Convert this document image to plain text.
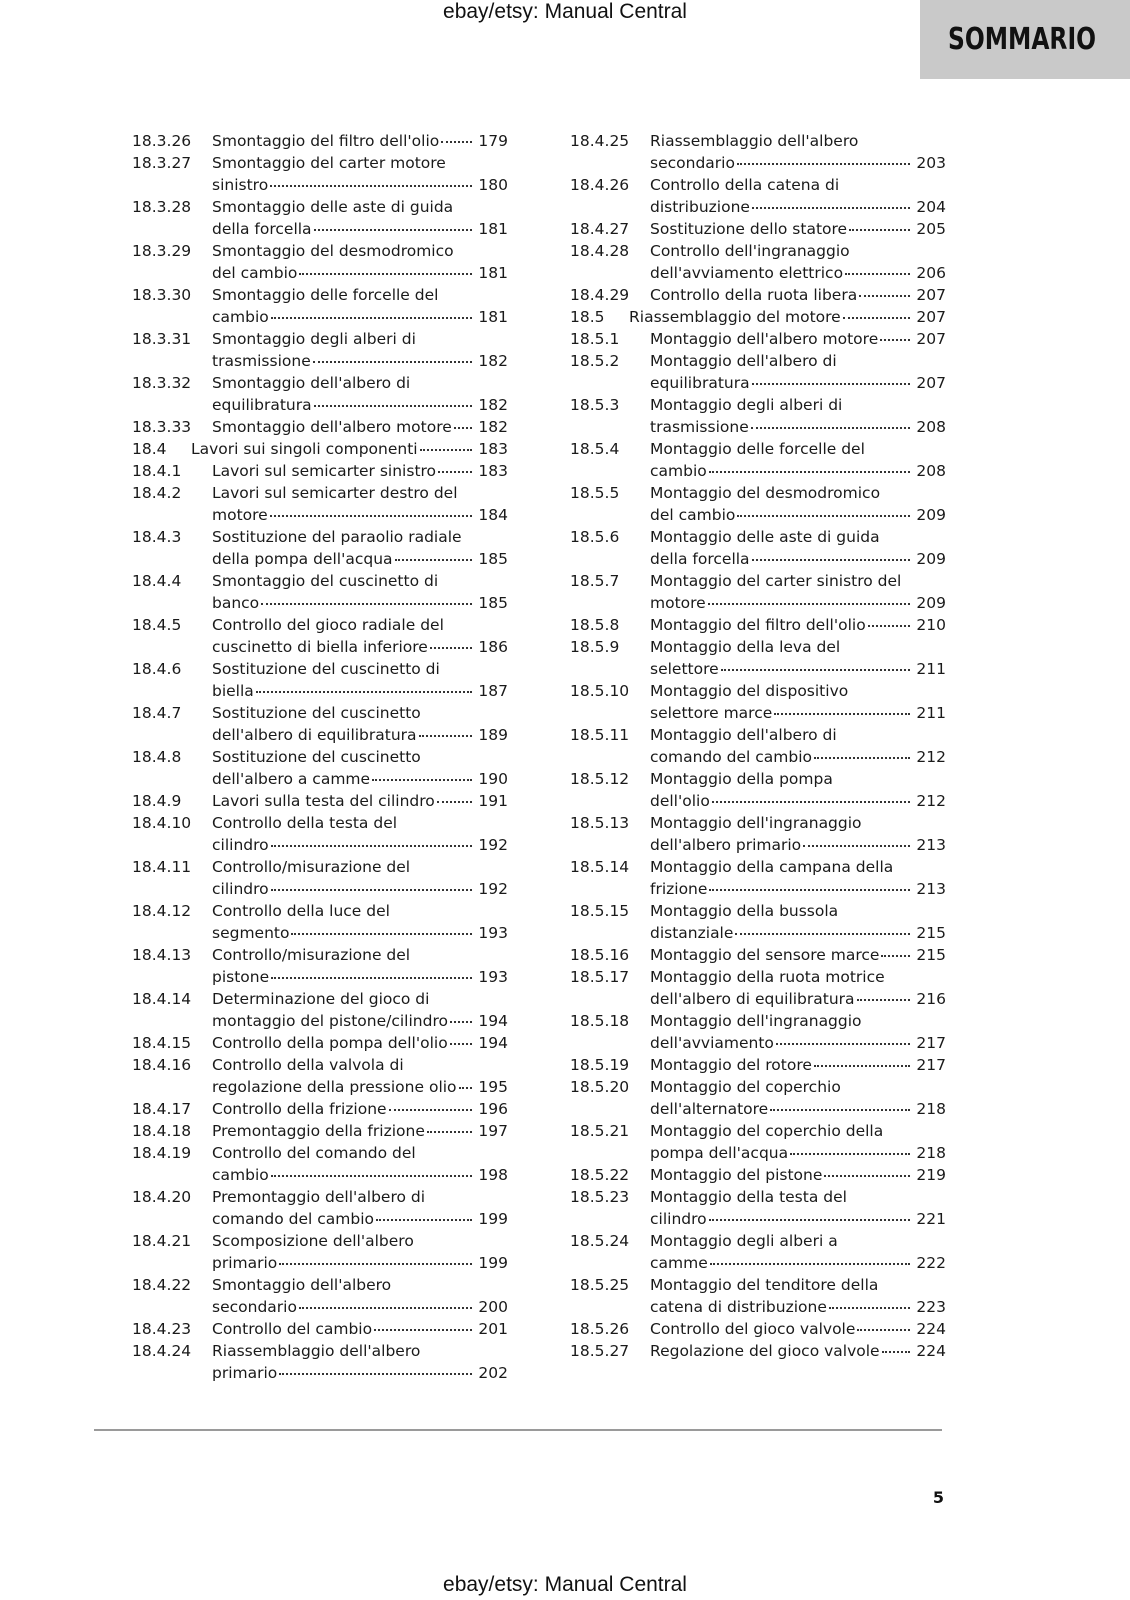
ebay/etsy: Manual Central
SOMMARIO
18.3.26 Smontaggio del filtro dell'olio	179
18.3.27 Smontaggio del carter motore
sinistro	180
18.3.28 Smontaggio delle aste di guida
della forcella	181
18.3.29 Smontaggio del desmodromico
del cambio	181
18.3.30 Smontaggio delle forcelle del
cambio	181
18.3.31 Smontaggio degli alberi di
trasmissione	182
18.3.32 Smontaggio dell'albero di
equilibratura	182
18.3.33 Smontaggio dell'albero motore 182
18.4 Lavori sui singoli componenti	183
18.4.1 Lavori sul semicarter sinistro	183
18.4.2 Lavori sul semicarter destro del
motore	184
18.4.3 Sostituzione del paraolio radiale
della pompa dell'acqua	185
18.4.4 Smontaggio del cuscinetto di
banco	185
18.4.5 Controllo del gioco radiale del
cuscinetto di biella inferiore	186
18.4.6 Sostituzione del cuscinetto di
biella	187
18.4.7 Sostituzione del cuscinetto
dell'albero di equilibratura	189
18.4.8 Sostituzione del cuscinetto
dell'albero a camme	190
18.4.9 Lavori sulla testa del cilindro	191
18.4.10 Controllo della testa del
cilindro	192
18.4.11 Controllo/misurazione del
cilindro	192
18.4.12 Controllo della luce del
segmento	193
18.4.13 Controllo/misurazione del
pistone	193
18.4.14 Determinazione del gioco di
montaggio del pistone/cilindro 194
18.4.15 Controllo della pompa dell'olio 194
18.4.16 Controllo della valvola di
regolazione della pressione olio 195
18.4.17 Controllo della frizione	196
18.4.18 Premontaggio della frizione	197
18.4.19 Controllo del comando del
cambio	198
18.4.20 Premontaggio dell'albero di
comando del cambio	199
18.4.21 Scomposizione dell'albero
primario	199
18.4.22 Smontaggio dell'albero
secondario	200
18.4.23 Controllo del cambio	201
18.4.24 Riassemblaggio dell'albero
primario	202
18.4.25 Riassemblaggio dell'albero
secondario	203
18.4.26 Controllo della catena di
distribuzione	204
18.4.27 Sostituzione dello statore	205
18.4.28 Controllo dell'ingranaggio
dell'avviamento elettrico	206
18.4.29 Controllo della ruota libera	207
18.5 Riassemblaggio del motore	207
18.5.1 Montaggio dell'albero motore 207
18.5.2 Montaggio dell'albero di
equilibratura	207
18.5.3 Montaggio degli alberi di
trasmissione	208
18.5.4 Montaggio delle forcelle del
cambio	208
18.5.5 Montaggio del desmodromico
del cambio	209
18.5.6 Montaggio delle aste di guida
della forcella	209
18.5.7 Montaggio del carter sinistro del
motore	209
18.5.8 Montaggio del filtro dell'olio	210
18.5.9 Montaggio della leva del
selettore	211
18.5.10 Montaggio del dispositivo
selettore marce	211
18.5.11 Montaggio dell'albero di
comando del cambio	212
18.5.12 Montaggio della pompa
dell'olio	212
18.5.13 Montaggio dell'ingranaggio
dell'albero primario	213
18.5.14 Montaggio della campana della
frizione	213
18.5.15 Montaggio della bussola
distanziale	215
18.5.16 Montaggio del sensore marce 215
18.5.17 Montaggio della ruota motrice
dell'albero di equilibratura	216
18.5.18 Montaggio dell'ingranaggio
dell'avviamento	217
18.5.19 Montaggio del rotore	217
18.5.20 Montaggio del coperchio
dell'alternatore	218
18.5.21 Montaggio del coperchio della
pompa dell'acqua	218
18.5.22 Montaggio del pistone	219
18.5.23 Montaggio della testa del
cilindro	221
18.5.24 Montaggio degli alberi a
camme	222
18.5.25 Montaggio del tenditore della
catena di distribuzione	223
18.5.26 Controllo del gioco valvole	224
18.5.27 Regolazione del gioco valvole 224
5
ebay/etsy: Manual Central
